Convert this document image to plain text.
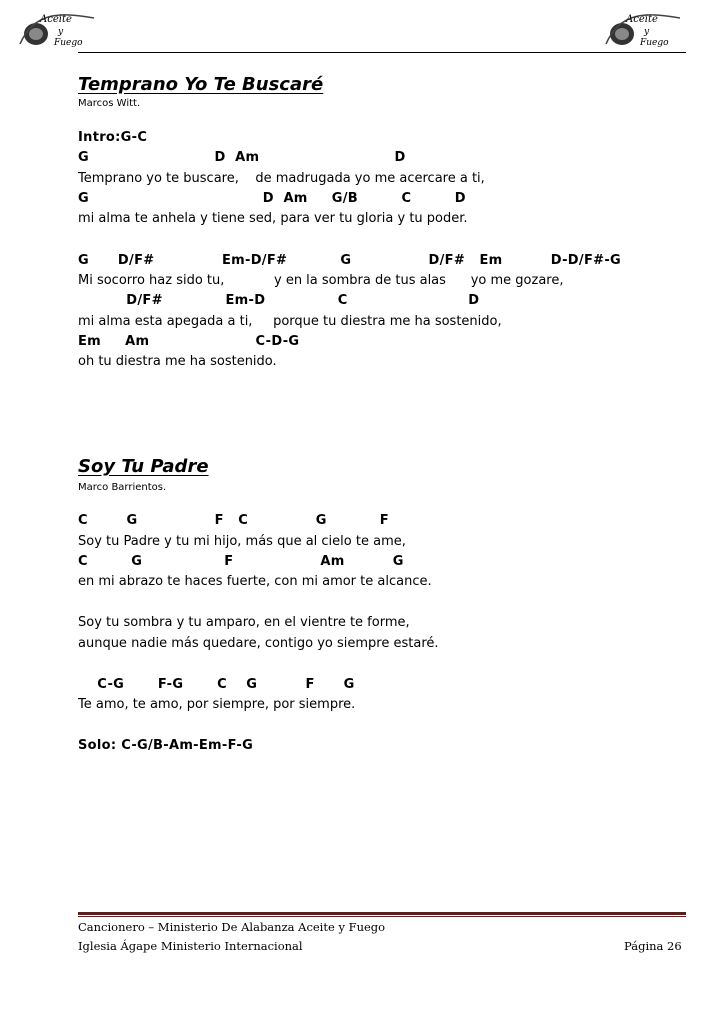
Aceite
y
Fuego
Aceite
y
Fuego
Temprano Yo Te Buscaré
Marcos Witt.
Intro:G-C
G                          D  Am                            D
Temprano yo te buscare,    de madrugada yo me acercare a ti,
G                                    D  Am     G/B         C         D
mi alma te anhela y tiene sed, para ver tu gloria y tu poder.
G      D/F#              Em-D/F#           G                D/F#   Em          D-D/F#-G
Mi socorro haz sido tu,            y en la sombra de tus alas      yo me gozare,
D/F#             Em-D               C                         D
mi alma esta apegada a ti,     porque tu diestra me ha sostenido,
Em     Am                      C-D-G
oh tu diestra me ha sostenido.
Soy Tu Padre
Marco Barrientos.
C        G                F   C              G           F
Soy tu Padre y tu mi hijo, más que al cielo te ame,
C         G                 F                  Am          G
en mi abrazo te haces fuerte, con mi amor te alcance.
Soy tu sombra y tu amparo, en el vientre te forme,
aunque nadie más quedare, contigo yo siempre estaré.
C-G       F-G       C    G          F      G
Te amo, te amo, por siempre, por siempre.
Solo: C-G/B-Am-Em-F-G
Cancionero – Ministerio De Alabanza Aceite y Fuego
Iglesia Ágape Ministerio Internacional	Página 26
